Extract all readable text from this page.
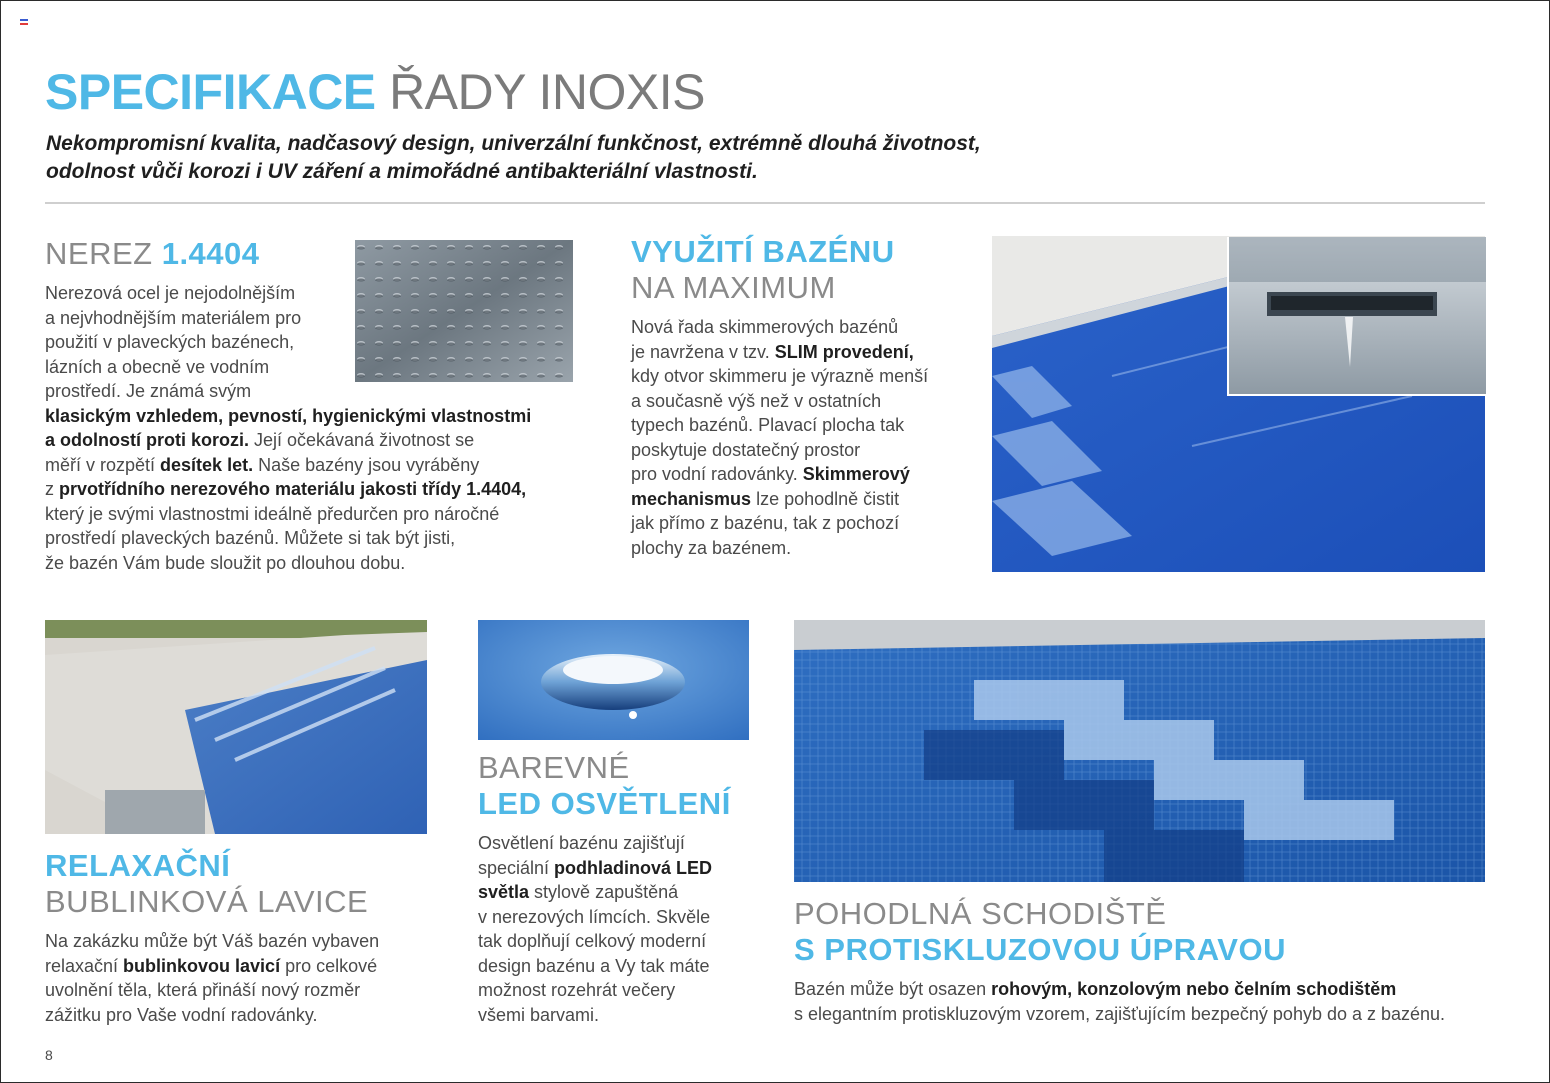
SPECIFIKACE ŘADY INOXIS
Nekompromisní kvalita, nadčasový design, univerzální funkčnost, extrémně dlouhá životnost,
odolnost vůči korozi i UV záření a mimořádné antibakteriální vlastnosti.
NEREZ 1.4404
Nerezová ocel je nejodolnějším
a nejvhodnějším materiálem pro
použití v plaveckých bazénech,
lázních a obecně ve vodním
prostředí. Je známá svým
klasickým vzhledem, pevností, hygienickými vlastnostmi
a odolností proti korozi. Její očekávaná životnost se
měří v rozpětí desítek let. Naše bazény jsou vyráběny
z prvotřídního nerezového materiálu jakosti třídy 1.4404,
který je svými vlastnostmi ideálně předurčen pro náročné
prostředí plaveckých bazénů. Můžete si tak být jisti,
že bazén Vám bude sloužit po dlouhou dobu.
VYUŽITÍ BAZÉNU
NA MAXIMUM
Nová řada skimmerových bazénů
je navržena v tzv. SLIM provedení,
kdy otvor skimmeru je výrazně menší
a současně výš než v ostatních
typech bazénů. Plavací plocha tak
poskytuje dostatečný prostor
pro vodní radovánky. Skimmerový
mechanismus lze pohodlně čistit
jak přímo z bazénu, tak z pochozí
plochy za bazénem.
RELAXAČNÍ
BUBLINKOVÁ LAVICE
Na zakázku může být Váš bazén vybaven
relaxační bublinkovou lavicí pro celkové
uvolnění těla, která přináší nový rozměr
zážitku pro Vaše vodní radovánky.
BAREVNÉ
LED OSVĚTLENÍ
Osvětlení bazénu zajišťují
speciální podhladinová LED
světla stylově zapuštěná
v nerezových límcích. Skvěle
tak doplňují celkový moderní
design bazénu a Vy tak máte
možnost rozehrát večery
všemi barvami.
POHODLNÁ SCHODIŠTĚ
S PROTISKLUZOVOU ÚPRAVOU
Bazén může být osazen rohovým, konzolovým nebo čelním schodištěm
s elegantním protiskluzovým vzorem, zajišťujícím bezpečný pohyb do a z bazénu.
8
